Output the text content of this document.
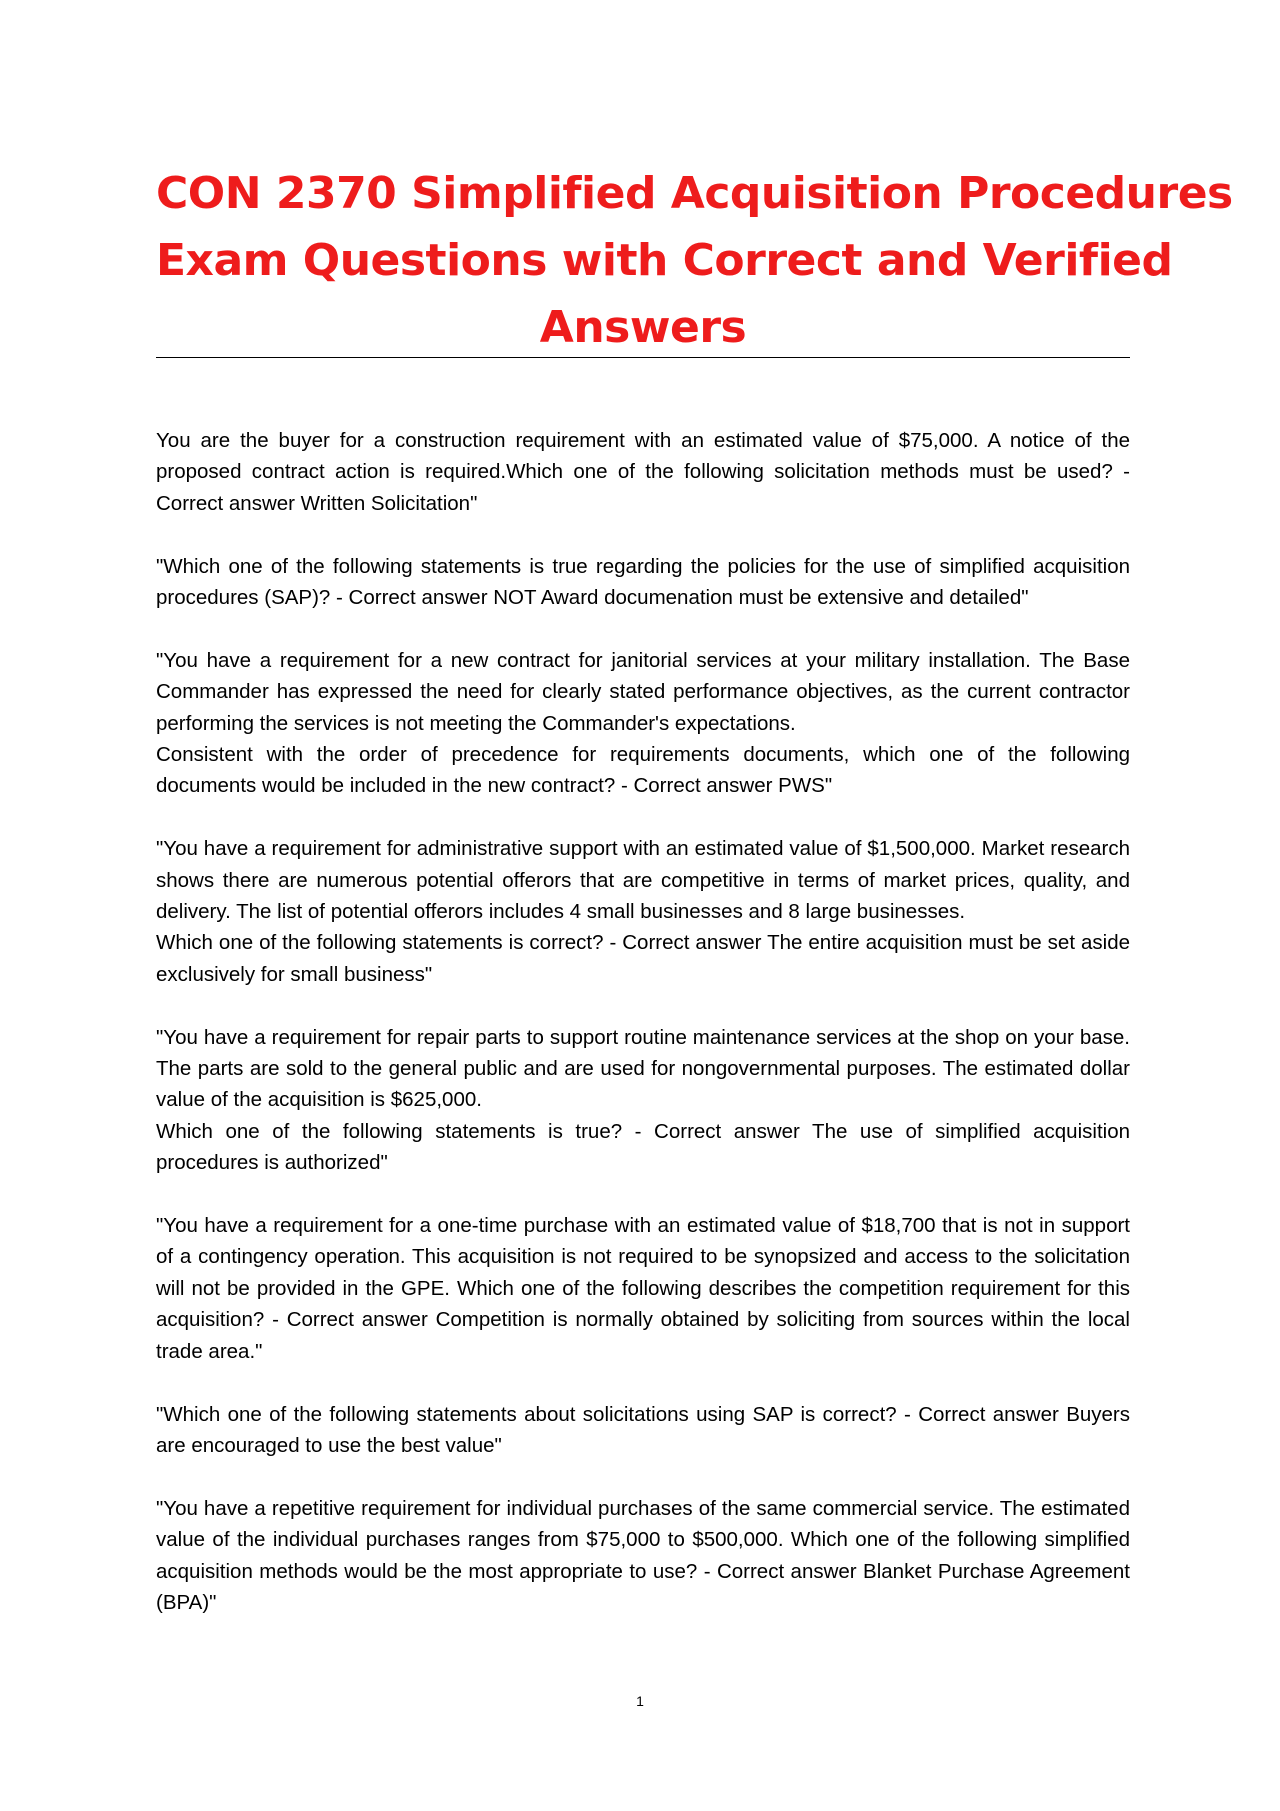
CON 2370 Simplified Acquisition Procedures
Exam Questions with Correct and Verified
Answers

You are the buyer for a construction requirement with an estimated value of $75,000. A notice of the proposed contract action is required.Which one of the following solicitation methods must be used? - Correct answer Written Solicitation"

"Which one of the following statements is true regarding the policies for the use of simplified acquisition procedures (SAP)? - Correct answer NOT Award documenation must be extensive and detailed"

"You have a requirement for a new contract for janitorial services at your military installation. The Base Commander has expressed the need for clearly stated performance objectives, as the current contractor performing the services is not meeting the Commander's expectations.
Consistent with the order of precedence for requirements documents, which one of the following documents would be included in the new contract? - Correct answer PWS"

"You have a requirement for administrative support with an estimated value of $1,500,000. Market research shows there are numerous potential offerors that are competitive in terms of market prices, quality, and delivery. The list of potential offerors includes 4 small businesses and 8 large businesses.
Which one of the following statements is correct? - Correct answer The entire acquisition must be set aside exclusively for small business"

"You have a requirement for repair parts to support routine maintenance services at the shop on your base. The parts are sold to the general public and are used for nongovernmental purposes. The estimated dollar value of the acquisition is $625,000.
Which one of the following statements is true? - Correct answer The use of simplified acquisition procedures is authorized"

"You have a requirement for a one-time purchase with an estimated value of $18,700 that is not in support of a contingency operation. This acquisition is not required to be synopsized and access to the solicitation will not be provided in the GPE. Which one of the following describes the competition requirement for this acquisition? - Correct answer Competition is normally obtained by soliciting from sources within the local trade area."

"Which one of the following statements about solicitations using SAP is correct? - Correct answer Buyers are encouraged to use the best value"

"You have a repetitive requirement for individual purchases of the same commercial service. The estimated value of the individual purchases ranges from $75,000 to $500,000. Which one of the following simplified acquisition methods would be the most appropriate to use? - Correct answer Blanket Purchase Agreement (BPA)"

1
